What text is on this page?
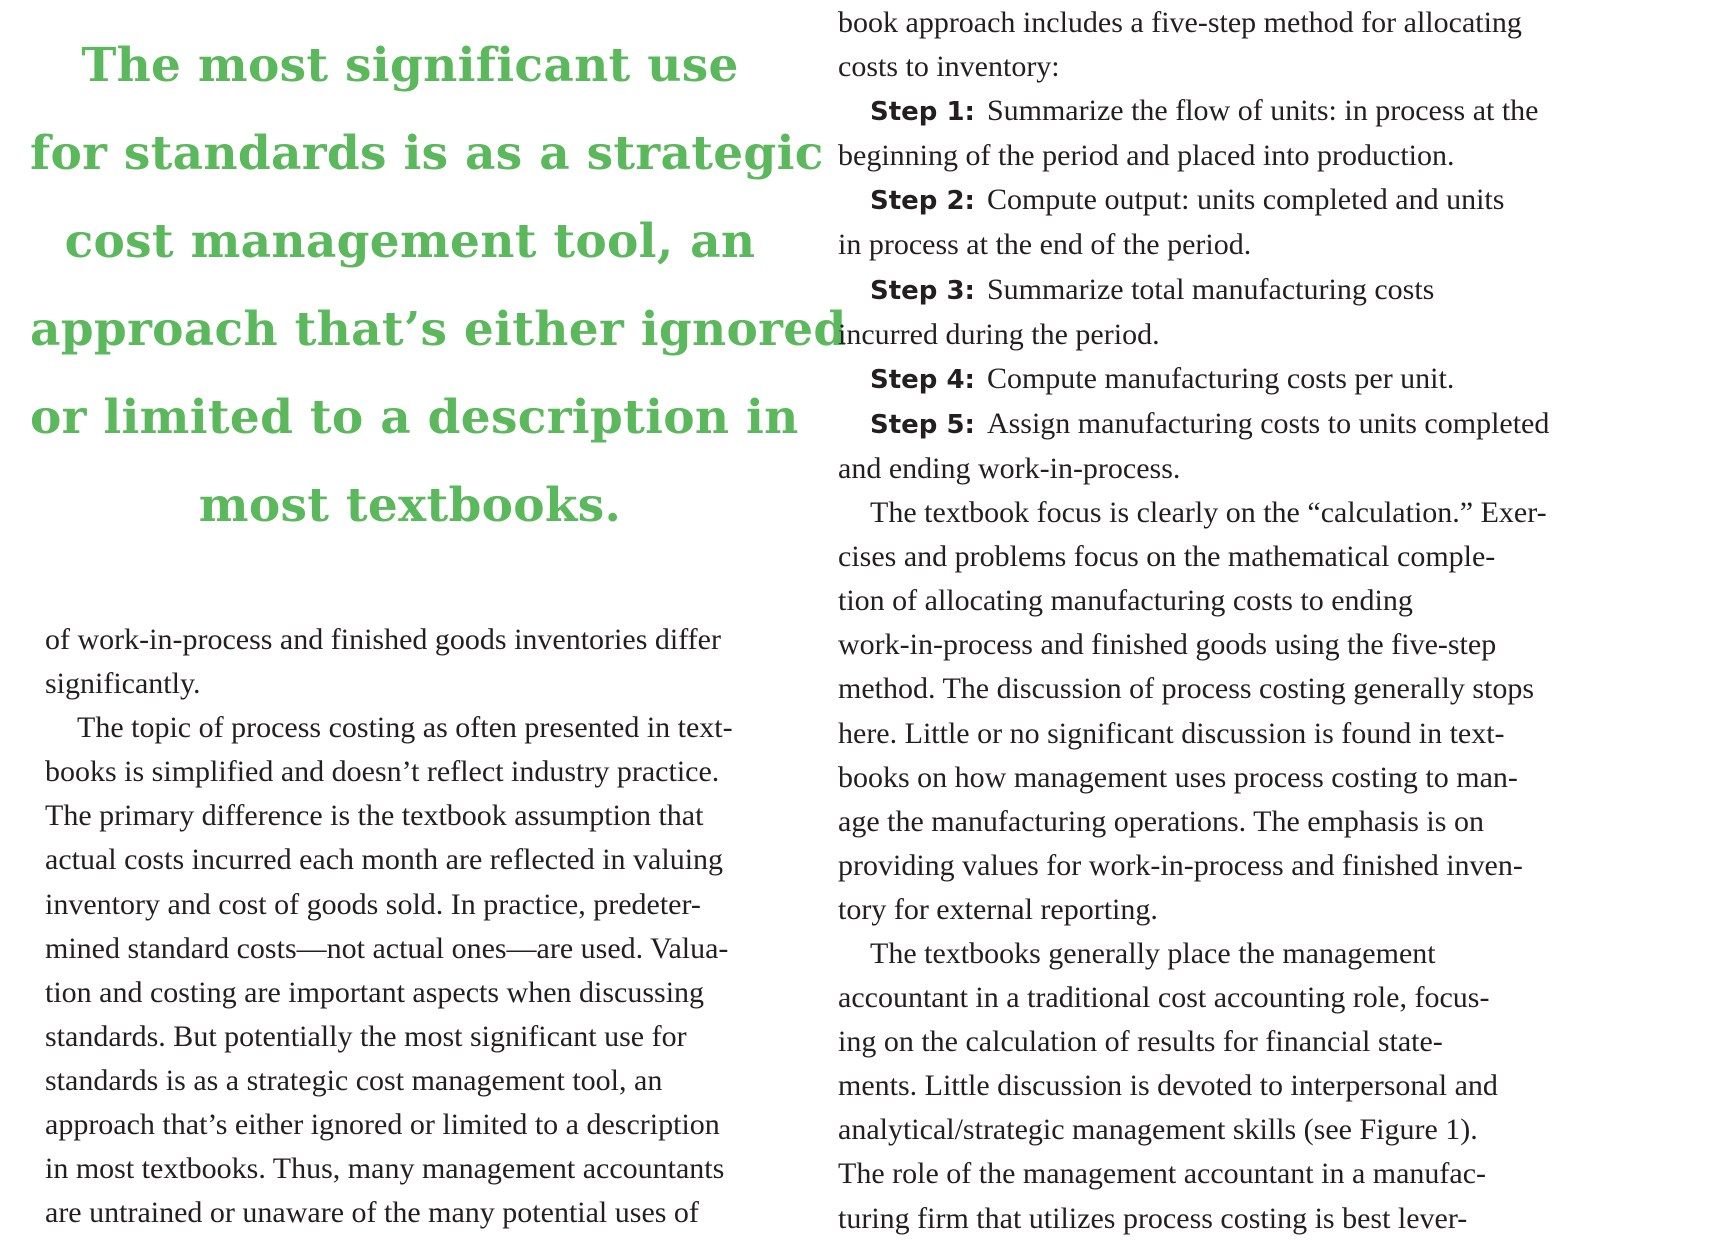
The most significant use
for standards is as a strategic
cost management tool, an
approach that’s either ignored
or limited to a description in
most textbooks.
of work-in-process and finished goods inventories differ
significantly.
The topic of process costing as often presented in text-
books is simplified and doesn’t reflect industry practice.
The primary difference is the textbook assumption that
actual costs incurred each month are reflected in valuing
inventory and cost of goods sold. In practice, predeter-
mined standard costs—not actual ones—are used. Valua-
tion and costing are important aspects when discussing
standards. But potentially the most significant use for
standards is as a strategic cost management tool, an
approach that’s either ignored or limited to a description
in most textbooks. Thus, many management accountants
are untrained or unaware of the many potential uses of
book approach includes a five-step method for allocating
costs to inventory:
Step 1: Summarize the flow of units: in process at the
beginning of the period and placed into production.
Step 2: Compute output: units completed and units
in process at the end of the period.
Step 3: Summarize total manufacturing costs
incurred during the period.
Step 4: Compute manufacturing costs per unit.
Step 5: Assign manufacturing costs to units completed
and ending work-in-process.
The textbook focus is clearly on the “calculation.” Exer-
cises and problems focus on the mathematical comple-
tion of allocating manufacturing costs to ending
work-in-process and finished goods using the five-step
method. The discussion of process costing generally stops
here. Little or no significant discussion is found in text-
books on how management uses process costing to man-
age the manufacturing operations. The emphasis is on
providing values for work-in-process and finished inven-
tory for external reporting.
The textbooks generally place the management
accountant in a traditional cost accounting role, focus-
ing on the calculation of results for financial state-
ments. Little discussion is devoted to interpersonal and
analytical/strategic management skills (see Figure 1).
The role of the management accountant in a manufac-
turing firm that utilizes process costing is best lever-
